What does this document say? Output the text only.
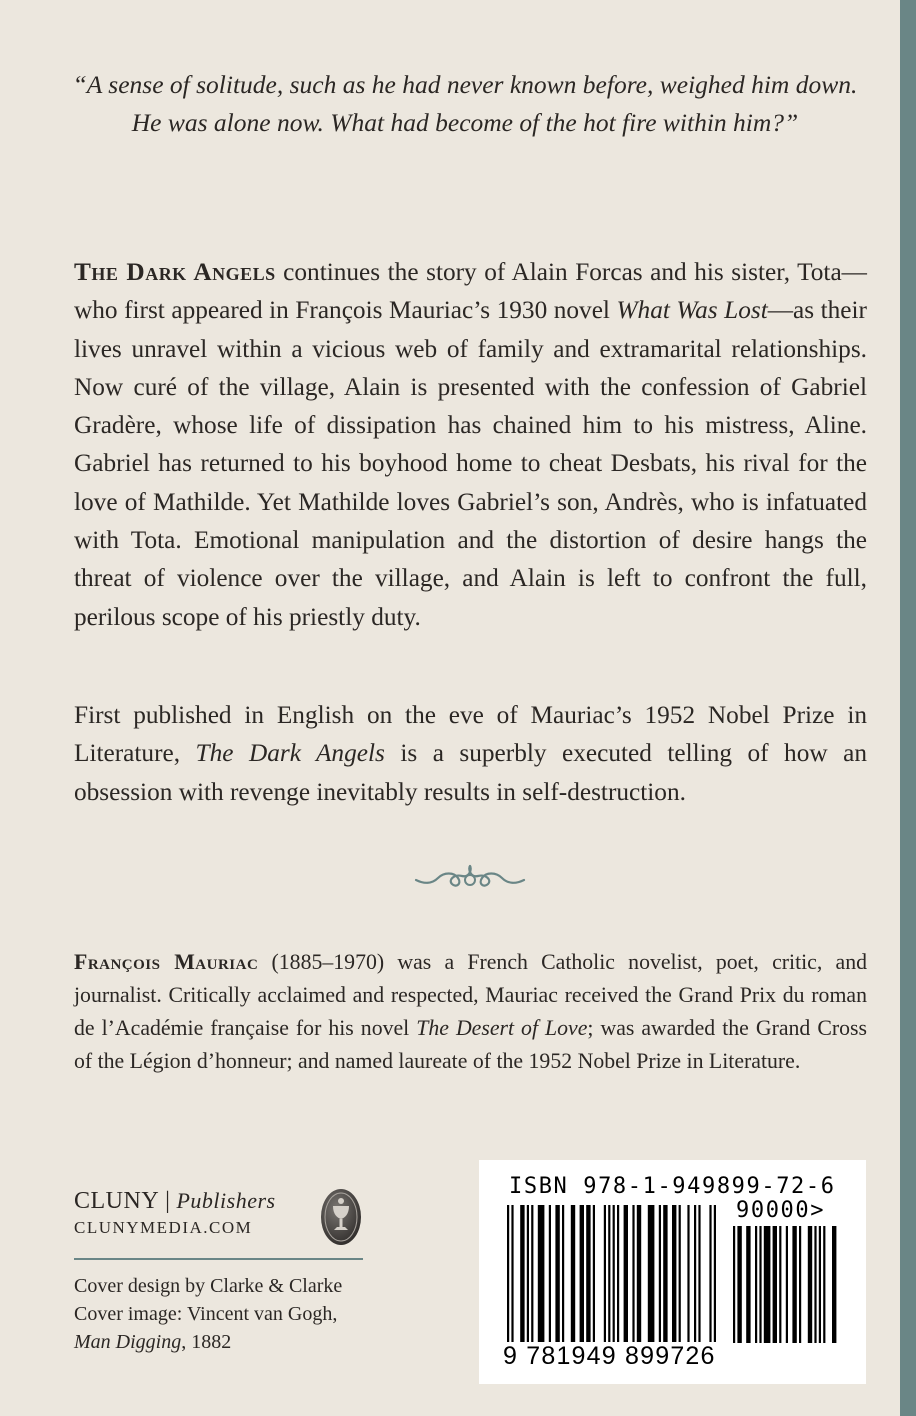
“A sense of solitude, such as he had never known before, weighed him down. He was alone now. What had become of the hot fire within him?”

The Dark Angels continues the story of Alain Forcas and his sister, Tota—who first appeared in François Mauriac’s 1930 novel What Was Lost—as their lives unravel within a vicious web of family and extramarital relationships. Now curé of the village, Alain is presented with the confession of Gabriel Gradère, whose life of dissipation has chained him to his mistress, Aline. Gabriel has returned to his boyhood home to cheat Desbats, his rival for the love of Mathilde. Yet Mathilde loves Gabriel’s son, Andrès, who is infatuated with Tota. Emotional manipulation and the distortion of desire hangs the threat of violence over the village, and Alain is left to confront the full, perilous scope of his priestly duty.

First published in English on the eve of Mauriac’s 1952 Nobel Prize in Literature, The Dark Angels is a superbly executed telling of how an obsession with revenge inevitably results in self-destruction.

François Mauriac (1885–1970) was a French Catholic novelist, poet, critic, and journalist. Critically acclaimed and respected, Mauriac received the Grand Prix du roman de l’Académie française for his novel The Desert of Love; was awarded the Grand Cross of the Légion d’honneur; and named laureate of the 1952 Nobel Prize in Literature.

CLUNY | Publishers
CLUNYMEDIA.COM
Cover design by Clarke & Clarke
Cover image: Vincent van Gogh,
Man Digging, 1882
ISBN 978-1-949899-72-6
90000>
9 781949 899726
